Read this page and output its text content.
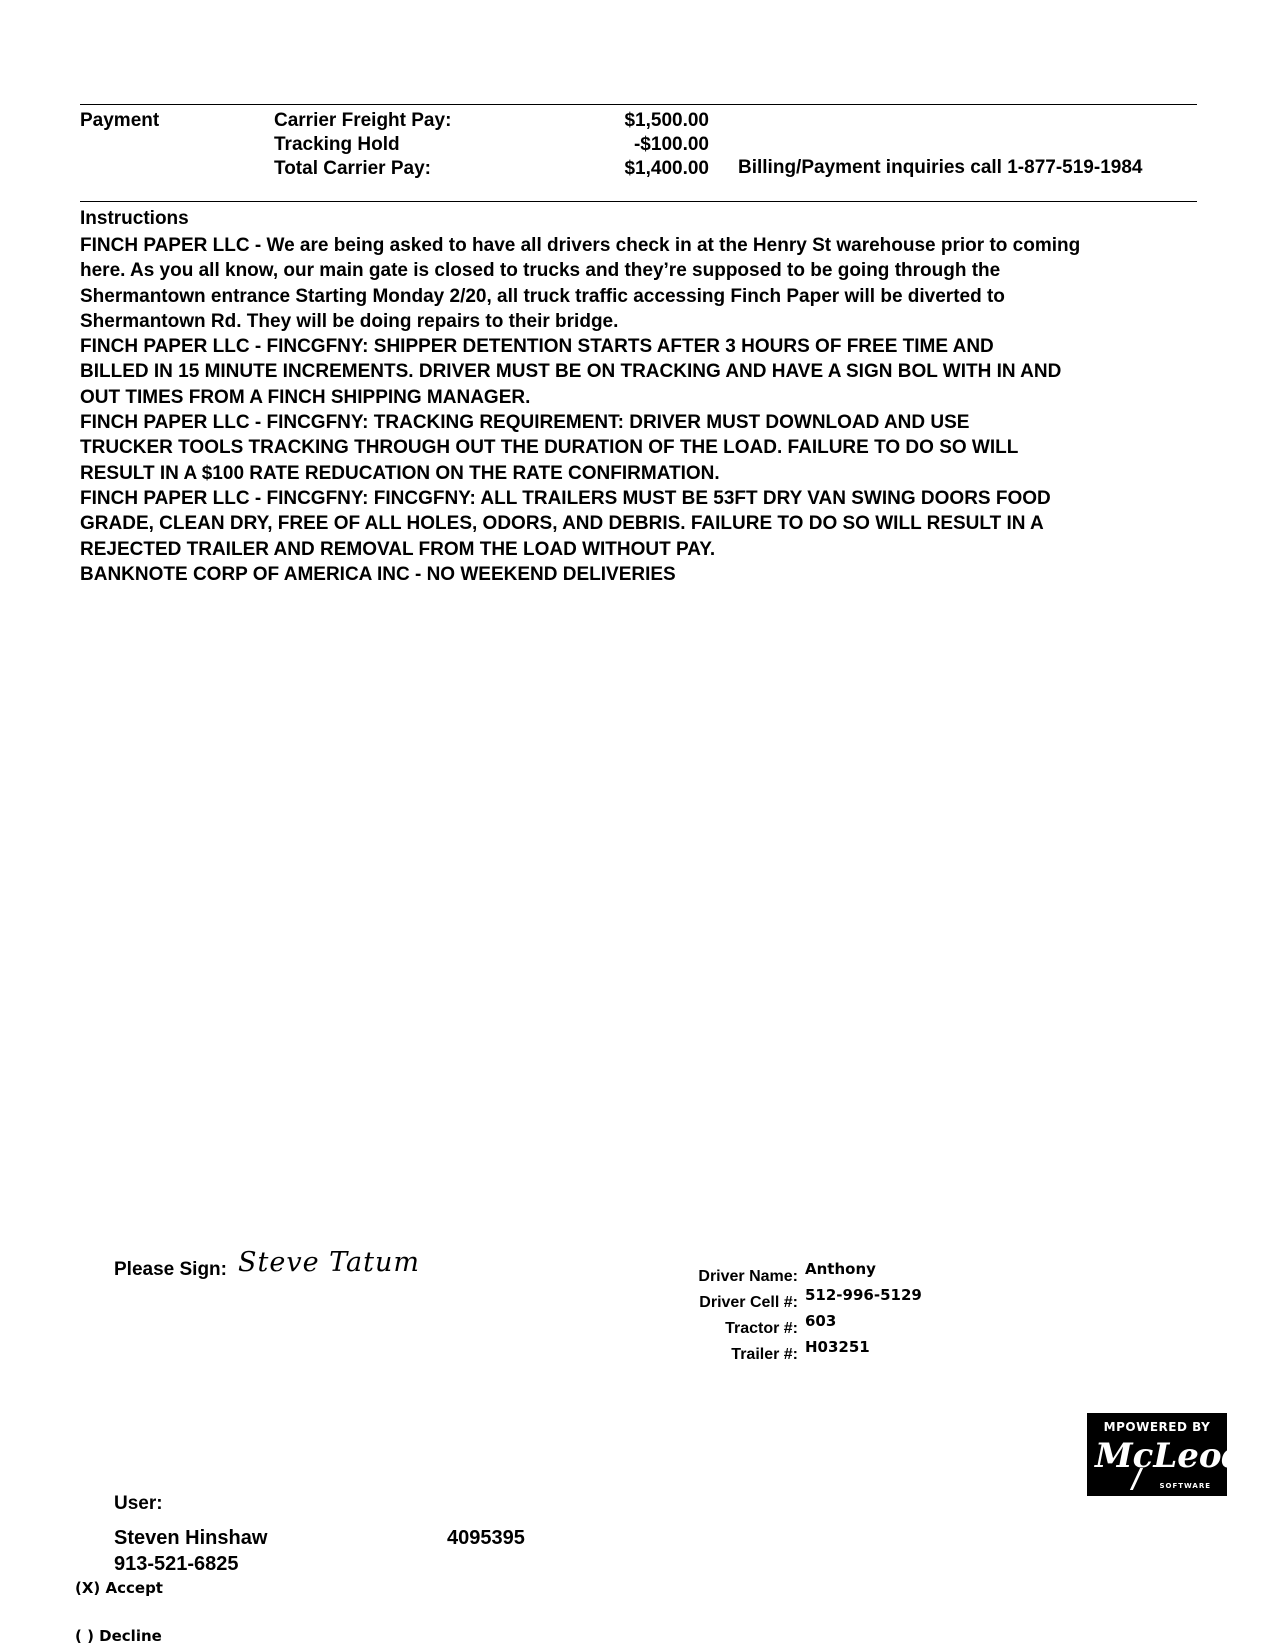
Payment	Carrier Freight Pay:
Tracking Hold
Total Carrier Pay:
$1,500.00
-$100.00
$1,400.00 Billing/Payment inquiries call 1-877-519-1984
Instructions
FINCH PAPER LLC - We are being asked to have all drivers check in at the Henry St warehouse prior to coming
here. As you all know, our main gate is closed to trucks and they’re supposed to be going through the
Shermantown entrance Starting Monday 2/20, all truck traffic accessing Finch Paper will be diverted to
Shermantown Rd. They will be doing repairs to their bridge.
FINCH PAPER LLC - FINCGFNY: SHIPPER DETENTION STARTS AFTER 3 HOURS OF FREE TIME AND
BILLED IN 15 MINUTE INCREMENTS. DRIVER MUST BE ON TRACKING AND HAVE A SIGN BOL WITH IN AND
OUT TIMES FROM A FINCH SHIPPING MANAGER.
FINCH PAPER LLC - FINCGFNY: TRACKING REQUIREMENT: DRIVER MUST DOWNLOAD AND USE
TRUCKER TOOLS TRACKING THROUGH OUT THE DURATION OF THE LOAD. FAILURE TO DO SO WILL
RESULT IN A $100 RATE REDUCATION ON THE RATE CONFIRMATION.
FINCH PAPER LLC - FINCGFNY: FINCGFNY: ALL TRAILERS MUST BE 53FT DRY VAN SWING DOORS FOOD
GRADE, CLEAN DRY, FREE OF ALL HOLES, ODORS, AND DEBRIS. FAILURE TO DO SO WILL RESULT IN A
REJECTED TRAILER AND REMOVAL FROM THE LOAD WITHOUT PAY.
BANKNOTE CORP OF AMERICA INC - NO WEEKEND DELIVERIES
Please Sign: Steve Tatum	Driver Name: Anthony
Driver Cell #: 512-996-5129
Tractor #: 603
Trailer #: H03251
MPOWERED BY
McLeod
SOFTWARE
User:
Steven Hinshaw
913-521-6825
4095395
(X) Accept
( ) Decline
